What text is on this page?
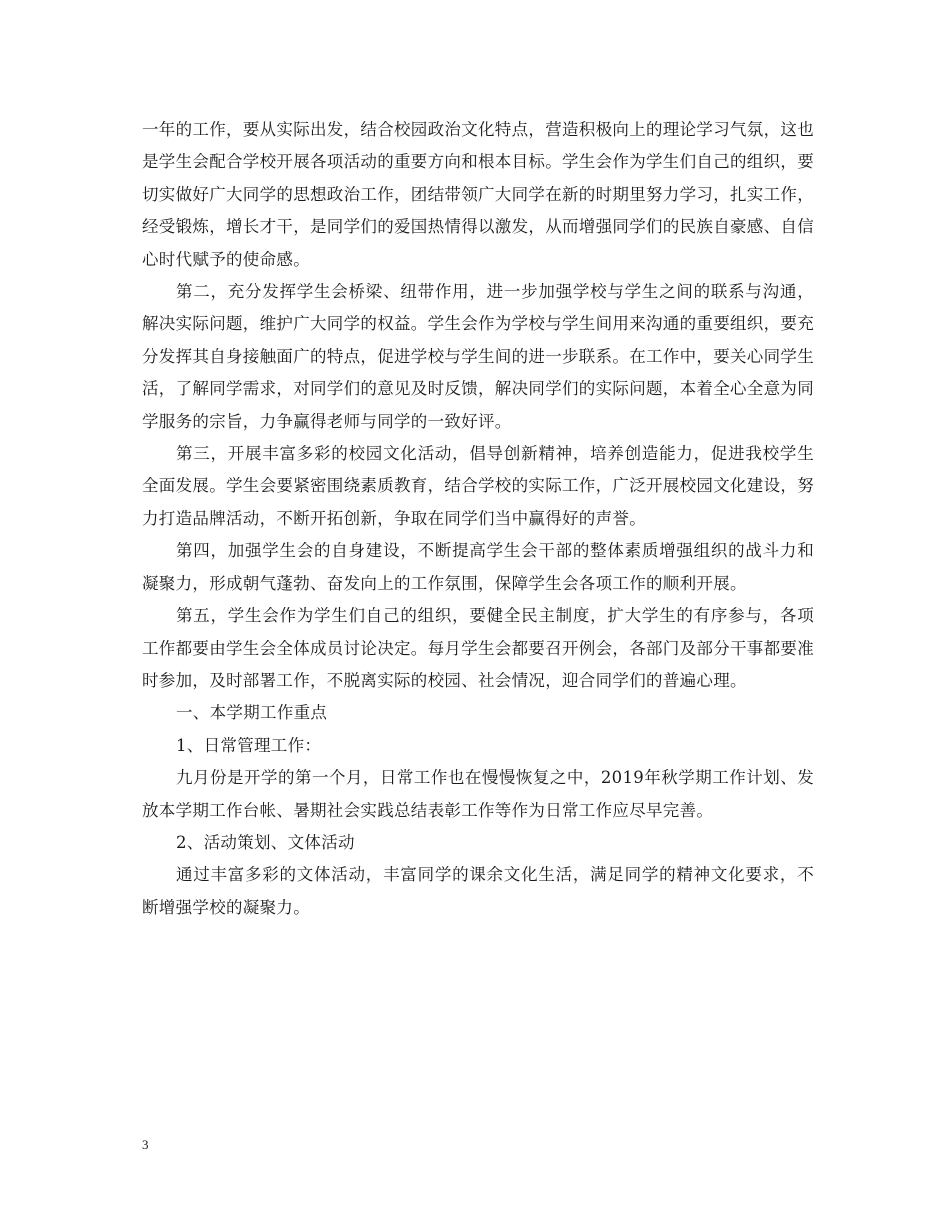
一年的工作，要从实际出发，结合校园政治文化特点，营造积极向上的理论学习气氛，这也是学生会配合学校开展各项活动的重要方向和根本目标。学生会作为学生们自己的组织，要切实做好广大同学的思想政治工作，团结带领广大同学在新的时期里努力学习，扎实工作，经受锻炼，增长才干，是同学们的爱国热情得以激发，从而增强同学们的民族自豪感、自信心时代赋予的使命感。

第二，充分发挥学生会桥梁、纽带作用，进一步加强学校与学生之间的联系与沟通，解决实际问题，维护广大同学的权益。学生会作为学校与学生间用来沟通的重要组织，要充分发挥其自身接触面广的特点，促进学校与学生间的进一步联系。在工作中，要关心同学生活，了解同学需求，对同学们的意见及时反馈，解决同学们的实际问题，本着全心全意为同学服务的宗旨，力争赢得老师与同学的一致好评。

第三，开展丰富多彩的校园文化活动，倡导创新精神，培养创造能力，促进我校学生全面发展。学生会要紧密围绕素质教育，结合学校的实际工作，广泛开展校园文化建设，努力打造品牌活动，不断开拓创新，争取在同学们当中赢得好的声誉。

第四，加强学生会的自身建设，不断提高学生会干部的整体素质增强组织的战斗力和凝聚力，形成朝气蓬勃、奋发向上的工作氛围，保障学生会各项工作的顺利开展。

第五，学生会作为学生们自己的组织，要健全民主制度，扩大学生的有序参与，各项工作都要由学生会全体成员讨论决定。每月学生会都要召开例会，各部门及部分干事都要准时参加，及时部署工作，不脱离实际的校园、社会情况，迎合同学们的普遍心理。

一、本学期工作重点

1、日常管理工作：

九月份是开学的第一个月，日常工作也在慢慢恢复之中，2019年秋学期工作计划、发放本学期工作台帐、暑期社会实践总结表彰工作等作为日常工作应尽早完善。

2、活动策划、文体活动

通过丰富多彩的文体活动，丰富同学的课余文化生活，满足同学的精神文化要求，不断增强学校的凝聚力。

3
